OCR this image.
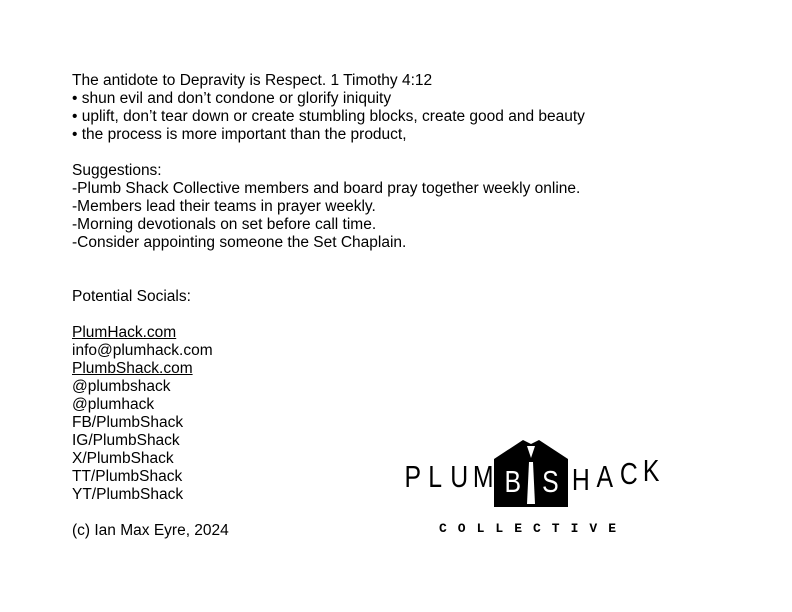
The antidote to Depravity is Respect. 1 Timothy 4:12
• shun evil and don’t condone or glorify iniquity
• uplift, don’t tear down or create stumbling blocks, create good and beauty
• the process is more important than the product,
Suggestions:
-Plumb Shack Collective members and board pray together weekly online.
-Members lead their teams in prayer weekly.
-Morning devotionals on set before call time.
-Consider appointing someone the Set Chaplain.
Potential Socials:
PlumHack.com
info@plumhack.com
PlumbShack.com
@plumbshack
@plumhack
FB/PlumbShack
IG/PlumbShack
X/PlumbShack
TT/PlumbShack
YT/PlumbShack
(c) Ian Max Eyre, 2024
P L U M B S H A C K
COLLECTIVE
